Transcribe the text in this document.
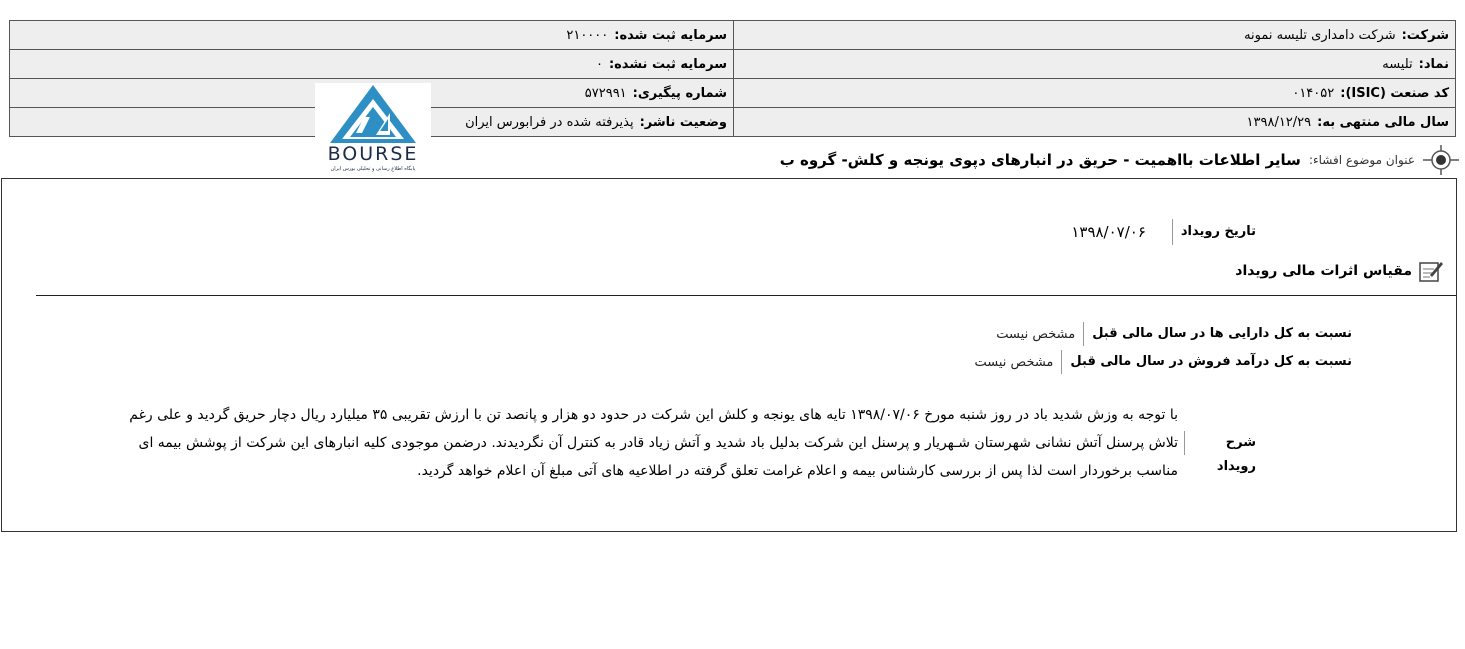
شرکت:شرکت دامداری تلیسه نمونه	سرمایه ثبت شده:۲۱۰۰۰۰
نماد:تلیسه	سرمایه ثبت نشده:۰
کد صنعت (ISIC):۰۱۴۰۵۲	شماره پیگیری:۵۷۲۹۹۱
سال مالی منتهی به:۱۳۹۸/۱۲/۲۹	وضعیت ناشر:پذیرفته شده در فرابورس ایران
BOURSE
پایگاه اطلاع رسانی و تحلیلی بورس ایران
عنوان موضوع افشاء:
سایر اطلاعات بااهمیت - حریق در انبارهای دپوی یونجه و کلش- گروه ب
تاریخ رویداد
۱۳۹۸/۰۷/۰۶
مقیاس اثرات مالی رویداد
نسبت به کل دارایی ها در سال مالی قبل
مشخص نیست
نسبت به کل درآمد فروش در سال مالی قبل
مشخص نیست
شرح رویداد
با توجه به وزش شدید باد در روز شنبه مورخ ۱۳۹۸/۰۷/۰۶ تایه های یونجه و کلش این شرکت در حدود دو هزار و پانصد تن با ارزش تقریبی ۳۵ میلیارد ریال دچار حریق گردید و علی رغم تلاش پرسنل آتش نشانی شهرستان شـهریار و پرسنل این شرکت بدلیل باد شدید و آتش زیاد قادر به کنترل آن نگردیدند. درضمن موجودی کلیه انبارهای این شرکت از پوشش بیمه ای مناسب برخوردار است لذا پس از بررسی کارشناس بیمه و اعلام غرامت تعلق گرفته در اطلاعیه های آتی مبلغ آن اعلام خواهد گردید.
